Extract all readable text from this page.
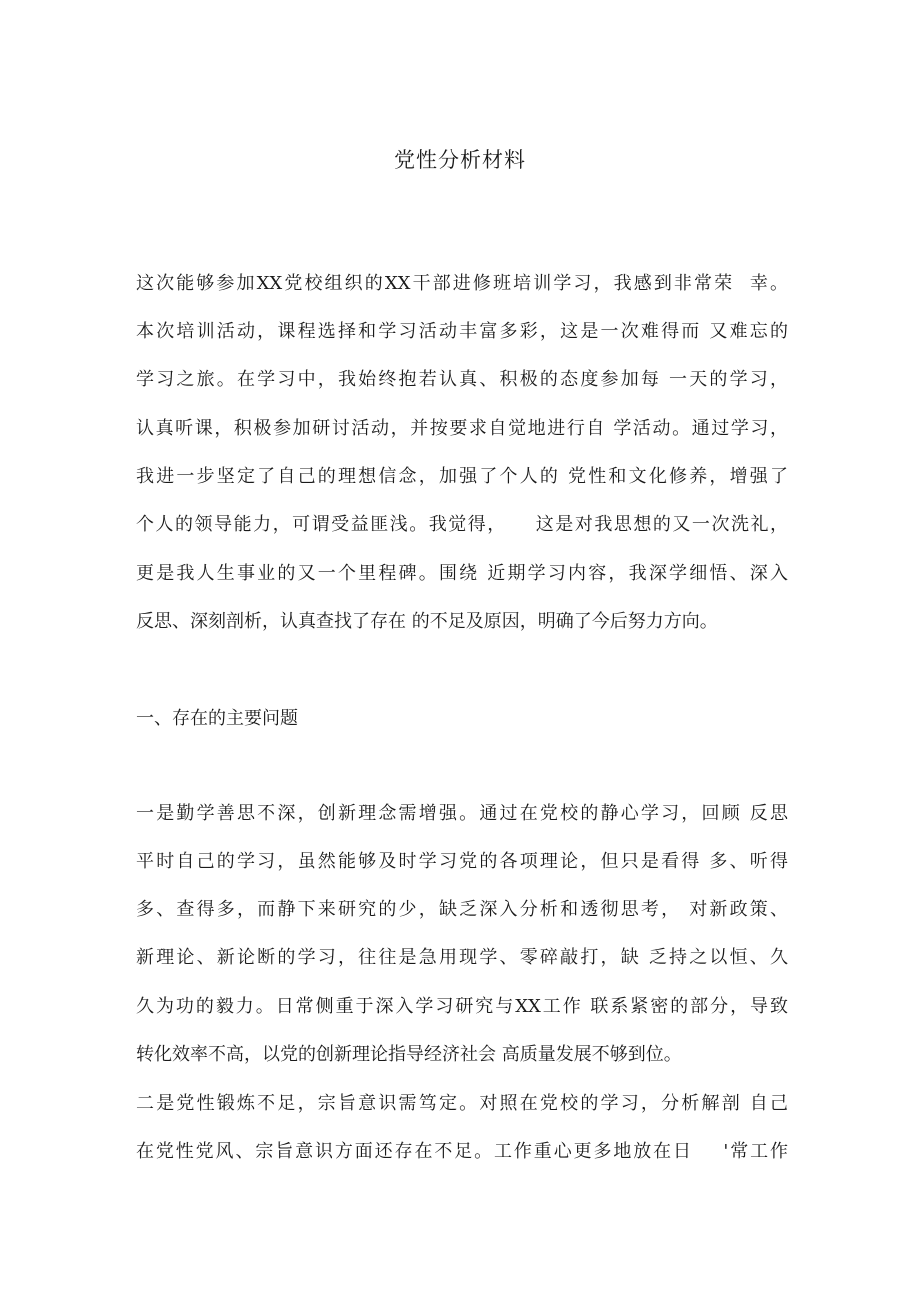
党性分析材料
这次能够参加XX党校组织的XX干部进修班培训学习，我感到非常荣  幸。
本次培训活动，课程选择和学习活动丰富多彩，这是一次难得而 又难忘的
学习之旅。在学习中，我始终抱若认真、积极的态度参加每 一天的学习，
认真听课，积极参加研讨活动，并按要求自觉地进行自 学活动。通过学习，
我进一步坚定了自己的理想信念，加强了个人的 党性和文化修养，增强了
个人的领导能力，可谓受益匪浅。我觉得，    这是对我思想的又一次洗礼，
更是我人生事业的又一个里程碑。围绕 近期学习内容，我深学细悟、深入
反思、深刻剖析，认真查找了存在 的不足及原因，明确了今后努力方向。
一、存在的主要问题
一是勤学善思不深，创新理念需增强。通过在党校的静心学习，回顾 反思
平时自己的学习，虽然能够及时学习党的各项理论，但只是看得 多、听得
多、查得多，而静下来研究的少，缺乏深入分析和透彻思考， 对新政策、
新理论、新论断的学习，往往是急用现学、零碎敲打，缺 乏持之以恒、久
久为功的毅力。日常侧重于深入学习研究与XX工作 联系紧密的部分，导致
转化效率不高，以党的创新理论指导经济社会 高质量发展不够到位。
二是党性锻炼不足，宗旨意识需笃定。对照在党校的学习，分析解剖 自己
在党性党风、宗旨意识方面还存在不足。工作重心更多地放在日    '常工作
